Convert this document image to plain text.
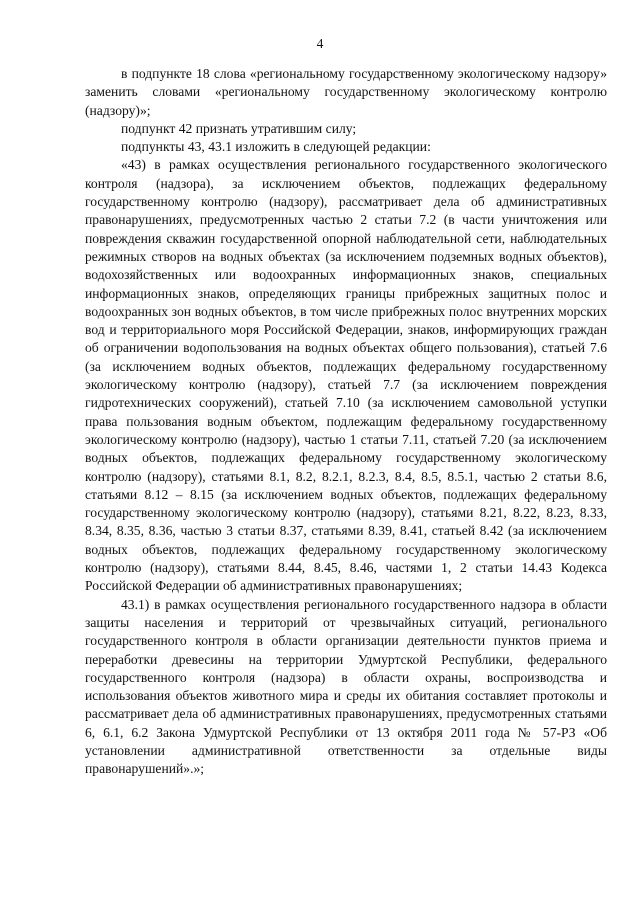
4

в подпункте 18 слова «региональному государственному экологическому надзору» заменить словами «региональному государственному экологическому контролю (надзору)»;

подпункт 42 признать утратившим силу;

подпункты 43, 43.1 изложить в следующей редакции:

«43) в рамках осуществления регионального государственного экологического контроля (надзора), за исключением объектов, подлежащих федеральному государственному контролю (надзору), рассматривает дела об административных правонарушениях, предусмотренных частью 2 статьи 7.2 (в части уничтожения или повреждения скважин государственной опорной наблюдательной сети, наблюдательных режимных створов на водных объектах (за исключением подземных водных объектов), водохозяйственных или водоохранных информационных знаков, специальных информационных знаков, определяющих границы прибрежных защитных полос и водоохранных зон водных объектов, в том числе прибрежных полос внутренних морских вод и территориального моря Российской Федерации, знаков, информирующих граждан об ограничении водопользования на водных объектах общего пользования), статьей 7.6 (за исключением водных объектов, подлежащих федеральному государственному экологическому контролю (надзору), статьей 7.7 (за исключением повреждения гидротехнических сооружений), статьей 7.10 (за исключением самовольной уступки права пользования водным объектом, подлежащим федеральному государственному экологическому контролю (надзору), частью 1 статьи 7.11, статьей 7.20 (за исключением водных объектов, подлежащих федеральному государственному экологическому контролю (надзору), статьями 8.1, 8.2, 8.2.1, 8.2.3, 8.4, 8.5, 8.5.1, частью 2 статьи 8.6, статьями 8.12 – 8.15 (за исключением водных объектов, подлежащих федеральному государственному экологическому контролю (надзору), статьями 8.21, 8.22, 8.23, 8.33, 8.34, 8.35, 8.36, частью 3 статьи 8.37, статьями 8.39, 8.41, статьей 8.42 (за исключением водных объектов, подлежащих федеральному государственному экологическому контролю (надзору), статьями 8.44, 8.45, 8.46, частями 1, 2 статьи 14.43 Кодекса Российской Федерации об административных правонарушениях;

43.1) в рамках осуществления регионального государственного надзора в области защиты населения и территорий от чрезвычайных ситуаций, регионального государственного контроля в области организации деятельности пунктов приема и переработки древесины на территории Удмуртской Республики, федерального государственного контроля (надзора) в области охраны, воспроизводства и использования объектов животного мира и среды их обитания составляет протоколы и рассматривает дела об административных правонарушениях, предусмотренных статьями 6, 6.1, 6.2 Закона Удмуртской Республики от 13 октября 2011 года № 57-РЗ «Об установлении административной ответственности за отдельные виды правонарушений».»;
